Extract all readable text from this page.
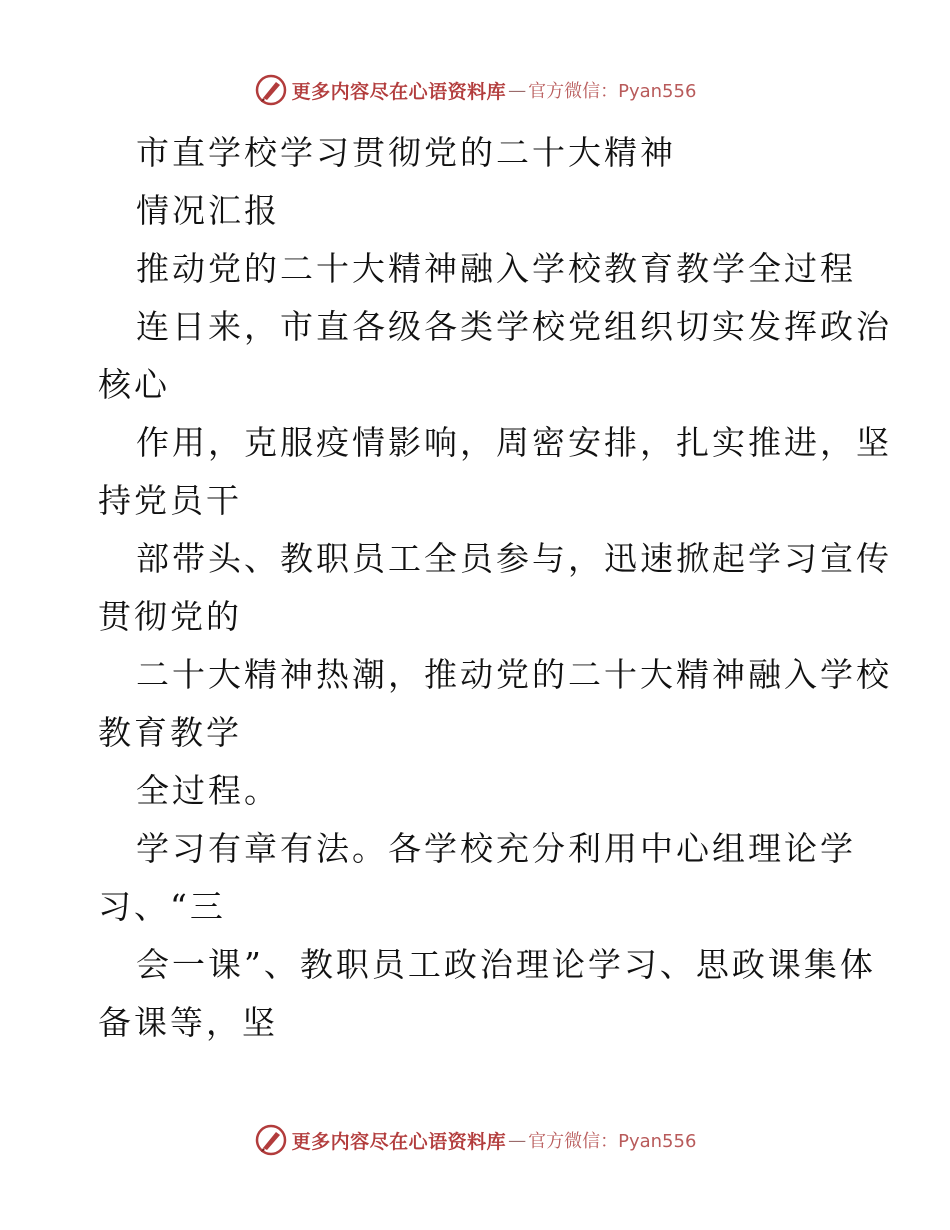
更多内容尽在心语资料库 — 官方微信：Pyan556
市直学校学习贯彻党的二十大精神
情况汇报
推动党的二十大精神融入学校教育教学全过程
连日来，市直各级各类学校党组织切实发挥政治
核心
作用，克服疫情影响，周密安排，扎实推进，坚
持党员干
部带头、教职员工全员参与，迅速掀起学习宣传
贯彻党的
二十大精神热潮，推动党的二十大精神融入学校
教育教学
全过程。
学习有章有法。各学校充分利用中心组理论学
习、“三
会一课”、教职员工政治理论学习、思政课集体
备课等，坚
更多内容尽在心语资料库 — 官方微信：Pyan556
